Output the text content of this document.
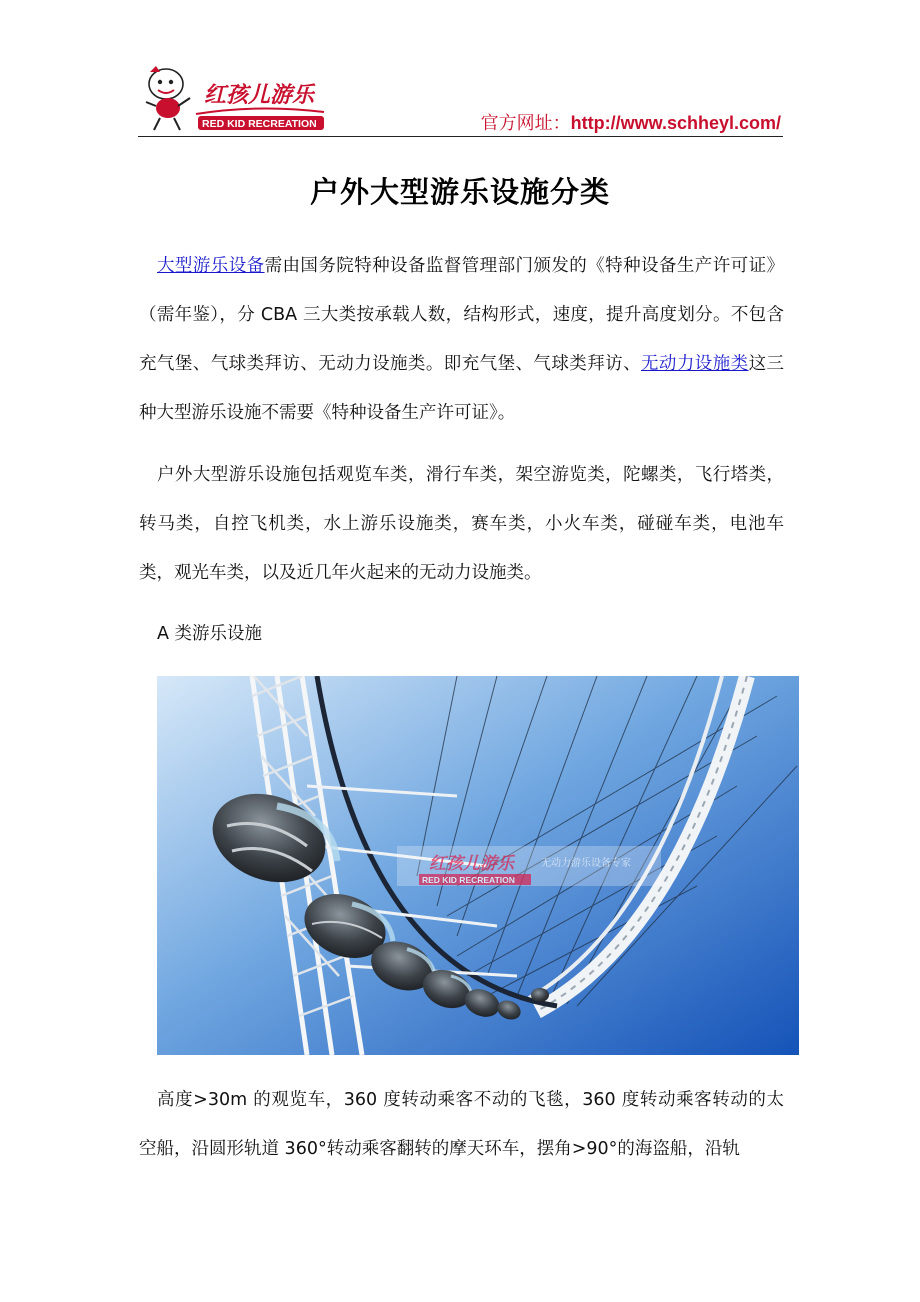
红孩儿游乐
RED KID RECREATION	官方网址：http://www.schheyl.com/
户外大型游乐设施分类
大型游乐设备需由国务院特种设备监督管理部门颁发的《特种设备生产许可证》（需年鉴），分 CBA 三大类按承载人数，结构形式，速度，提升高度划分。不包含充气堡、气球类拜访、无动力设施类。即充气堡、气球类拜访、无动力设施类这三种大型游乐设施不需要《特种设备生产许可证》。
户外大型游乐设施包括观览车类，滑行车类，架空游览类，陀螺类，飞行塔类，转马类，自控飞机类，水上游乐设施类，赛车类，小火车类，碰碰车类，电池车类，观光车类，以及近几年火起来的无动力设施类。
A 类游乐设施
红孩儿游乐
RED KID RECREATION
无动力游乐设备专家
高度>30m 的观览车，360 度转动乘客不动的飞毯，360 度转动乘客转动的太空船，沿圆形轨道 360°转动乘客翻转的摩天环车，摆角>90°的海盗船，沿轨
